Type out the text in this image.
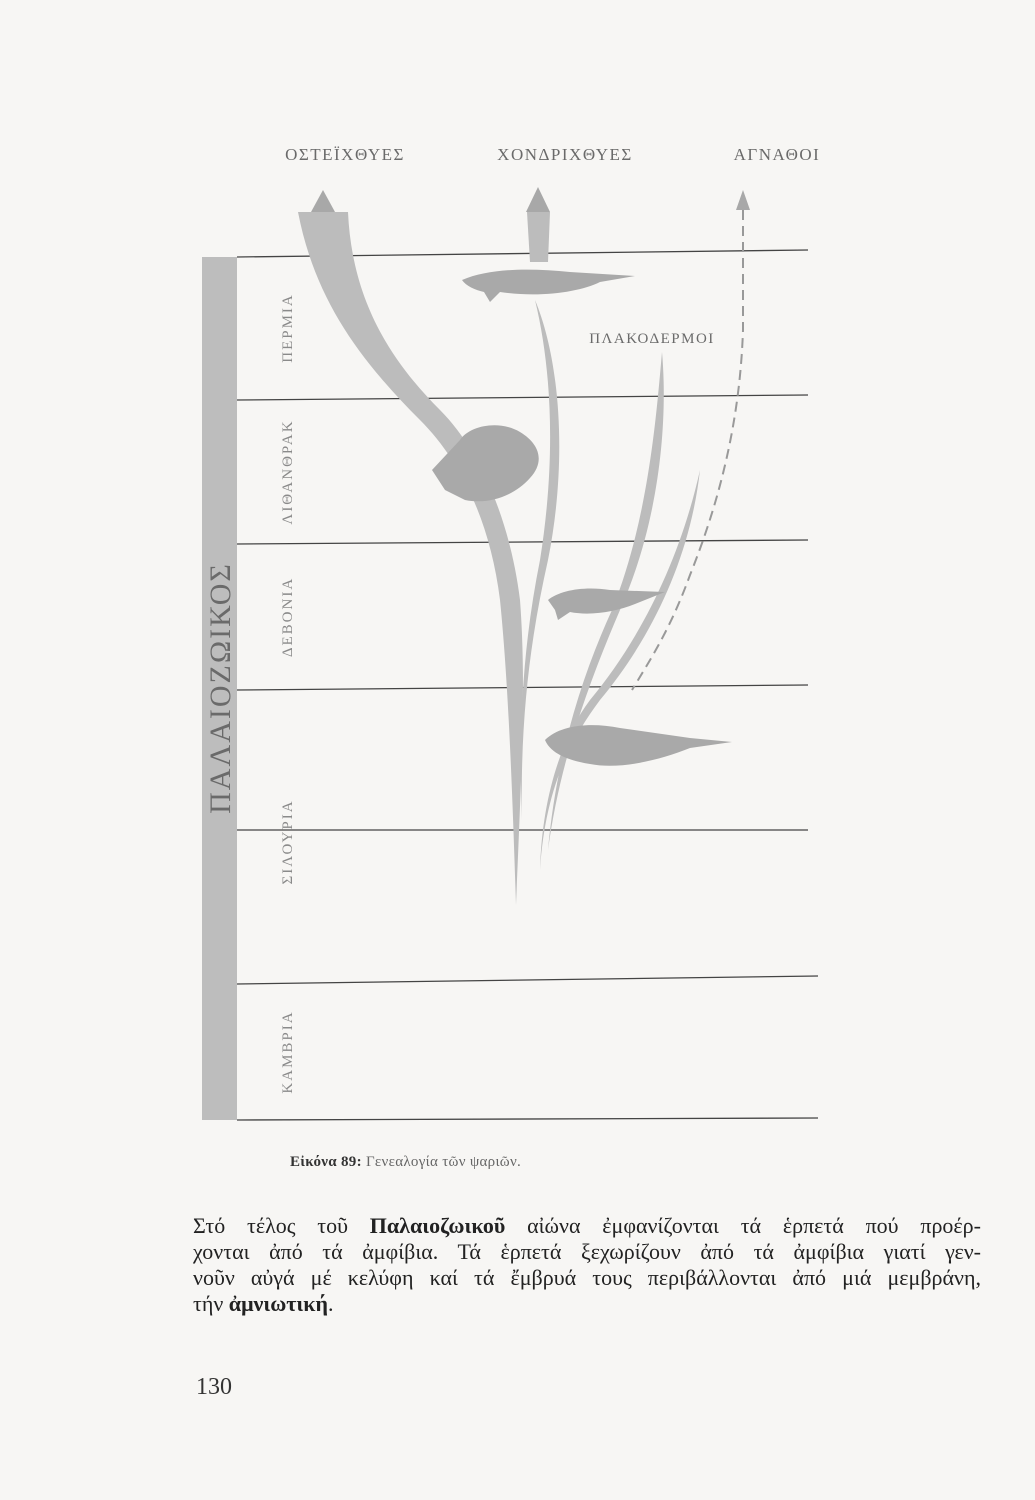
ΟΣΤΕΪΧΘΥΕΣ	ΧΟΝΔΡΙΧΘΥΕΣ	ΑΓΝΑΘΟΙ
ΠΑΛΑΙΟΖΩΙΚΟΣ
ΠΕΡΜΙΑ
ΛΙΘΑΝΘΡΑΚ
ΔΕΒΟΝΙΑ
ΣΙΛΟΥΡΙΑ
ΚΑΜΒΡΙΑ
ΠΛΑΚΟΔΕΡΜΟΙ
Εἰκόνα 89: Γενεαλογία τῶν ψαριῶν.
Στό τέλος τοῦ Παλαιοζωικοῦ αἰώνα ἐμφανίζονται τά ἑρπετά πού προέρ-
χονται ἀπό τά ἀμφίβια. Τά ἑρπετά ξεχωρίζουν ἀπό τά ἀμφίβια γιατί γεν-
νοῦν αὐγά μέ κελύφη καί τά ἔμβρυά τους περιβάλλονται ἀπό μιά μεμβράνη,
τήν ἀμνιωτική.
130
